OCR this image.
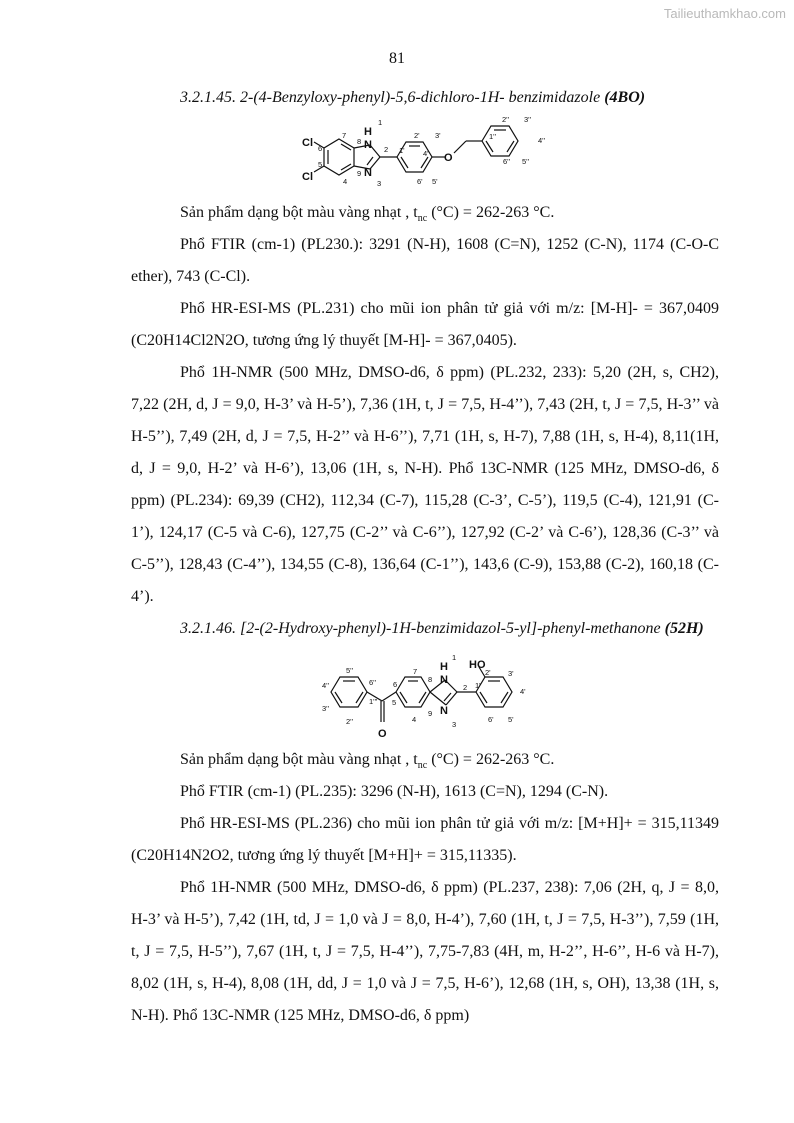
Tailieuthamkhao.com
81

3.2.1.45. 2-(4-Benzyloxy-phenyl)-5,6-dichloro-1H- benzimidazole (4BO)

Cl
Cl
H
N
N
O
1
2
3
4
5
6
7
8
9
1'
2' 3'
4'
5'
6'
1''
2'' 3''
4''
5''
6''

Sản phẩm dạng bột màu vàng nhạt , $t_{nc}$ (°C) = 262-263 °C.

Phổ FTIR (cm-1) (PL230.): 3291 (N-H), 1608 (C=N), 1252 (C-N), 1174 (C-O-C ether), 743 (C-Cl).

Phổ HR-ESI-MS (PL.231) cho mũi ion phân tử giả với m/z: [M-H]- = 367,0409 (C20H14Cl2N2O, tương ứng lý thuyết [M-H]- = 367,0405).

Phổ 1H-NMR (500 MHz, DMSO-d6, δ ppm) (PL.232, 233): 5,20 (2H, s, CH2), 7,22 (2H, d, J = 9,0, H-3’ và H-5’), 7,36 (1H, t, J = 7,5, H-4’’), 7,43 (2H, t, J = 7,5, H-3’’ và H-5’’), 7,49 (2H, d, J = 7,5, H-2’’ và H-6’’), 7,71 (1H, s, H-7), 7,88 (1H, s, H-4), 8,11(1H, d, J = 9,0, H-2’ và H-6’), 13,06 (1H, s, N-H). Phổ 13C-NMR (125 MHz, DMSO-d6, δ ppm) (PL.234): 69,39 (CH2), 112,34 (C-7), 115,28 (C-3’, C-5’), 119,5 (C-4), 121,91 (C-1’), 124,17 (C-5 và C-6), 127,75 (C-2’’ và C-6’’), 127,92 (C-2’ và C-6’), 128,36 (C-3’’ và C-5’’), 128,43 (C-4’’), 134,55 (C-8), 136,64 (C-1’’), 143,6 (C-9), 153,88 (C-2), 160,18 (C-4’).

3.2.1.46. [2-(2-Hydroxy-phenyl)-1H-benzimidazol-5-yl]-phenyl-methanone (52H)

H
N
N
HO
O
1
2
3
4
5
6
7
8
9
1'
2' 3'
4'
5'
6'
1'''
2''
3''
4''
5''
6''

Sản phẩm dạng bột màu vàng nhạt , $t_{nc}$ (°C) = 262-263 °C.

Phổ FTIR (cm-1) (PL.235): 3296 (N-H), 1613 (C=N), 1294 (C-N).

Phổ HR-ESI-MS (PL.236) cho mũi ion phân tử giả với m/z: [M+H]+ = 315,11349 (C20H14N2O2, tương ứng lý thuyết [M+H]+ = 315,11335).

Phổ 1H-NMR (500 MHz, DMSO-d6, δ ppm) (PL.237, 238): 7,06 (2H, q, J = 8,0, H-3’ và H-5’), 7,42 (1H, td, J = 1,0 và J = 8,0, H-4’), 7,60 (1H, t, J = 7,5, H-3’’), 7,59 (1H, t, J = 7,5, H-5’’), 7,67 (1H, t, J = 7,5, H-4’’), 7,75-7,83 (4H, m, H-2’’, H-6’’, H-6 và H-7), 8,02 (1H, s, H-4), 8,08 (1H, dd, J = 1,0 và J = 7,5, H-6’), 12,68 (1H, s, OH), 13,38 (1H, s, N-H). Phổ 13C-NMR (125 MHz, DMSO-d6, δ ppm)
